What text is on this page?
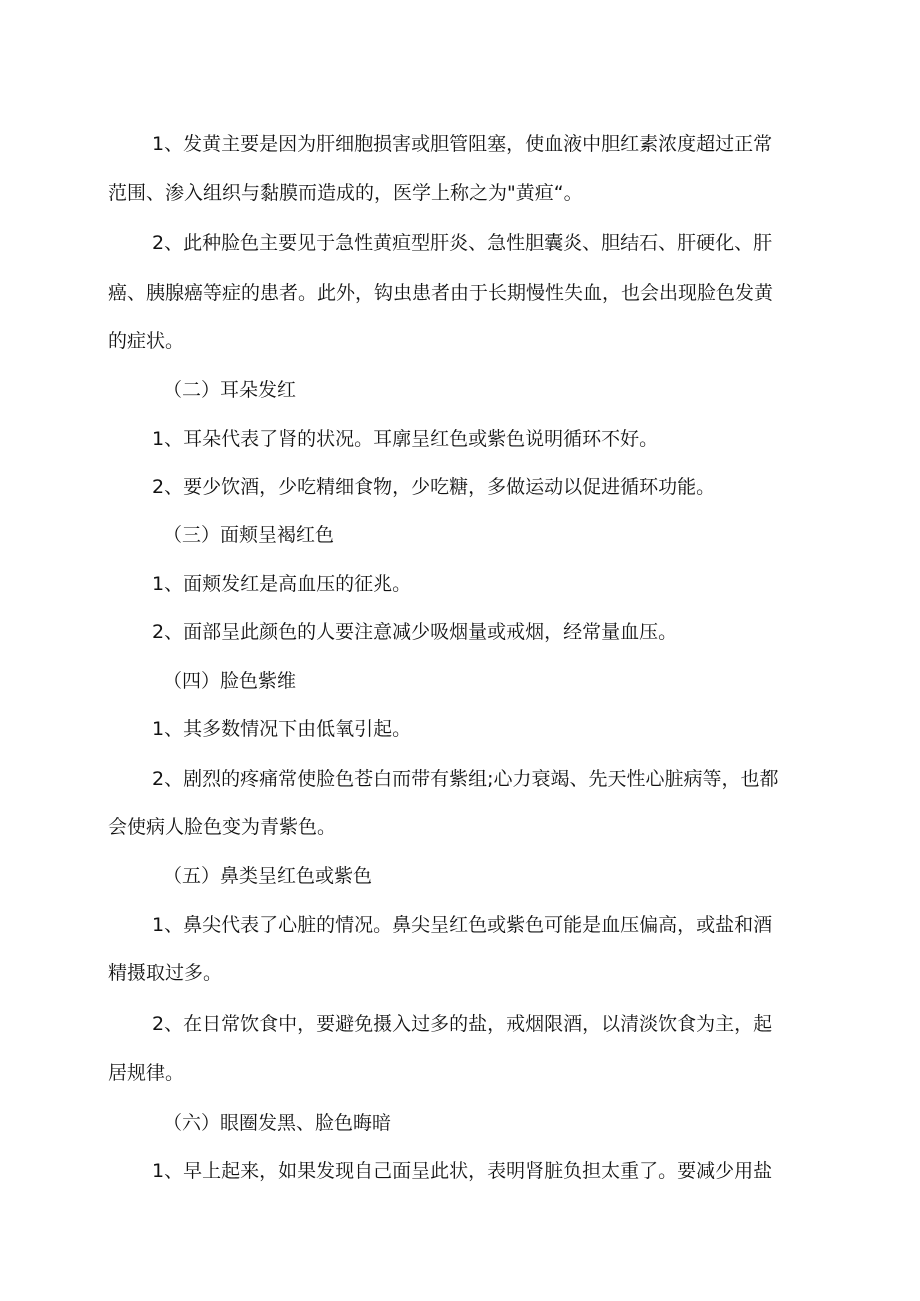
1、发黄主要是因为肝细胞损害或胆管阻塞，使血液中胆红素浓度超过正常
范围、渗入组织与黏膜而造成的，医学上称之为"黄疸“。
2、此种脸色主要见于急性黄疸型肝炎、急性胆囊炎、胆结石、肝硬化、肝
癌、胰腺癌等症的患者。此外，钩虫患者由于长期慢性失血，也会出现脸色发黄
的症状。
（二）耳朵发红
1、耳朵代表了肾的状况。耳廓呈红色或紫色说明循环不好。
2、要少饮酒，少吃精细食物，少吃糖，多做运动以促进循环功能。
（三）面颊呈褐红色
1、面颊发红是高血压的征兆。
2、面部呈此颜色的人要注意减少吸烟量或戒烟，经常量血压。
（四）脸色紫维
1、其多数情况下由低氧引起。
2、剧烈的疼痛常使脸色苍白而带有紫组;心力衰竭、先天性心脏病等，也都
会使病人脸色变为青紫色。
（五）鼻类呈红色或紫色
1、鼻尖代表了心脏的情况。鼻尖呈红色或紫色可能是血压偏高，或盐和酒
精摄取过多。
2、在日常饮食中，要避免摄入过多的盐，戒烟限酒，以清淡饮食为主，起
居规律。
（六）眼圈发黑、脸色晦暗
1、早上起来，如果发现自己面呈此状，表明肾脏负担太重了。要减少用盐
